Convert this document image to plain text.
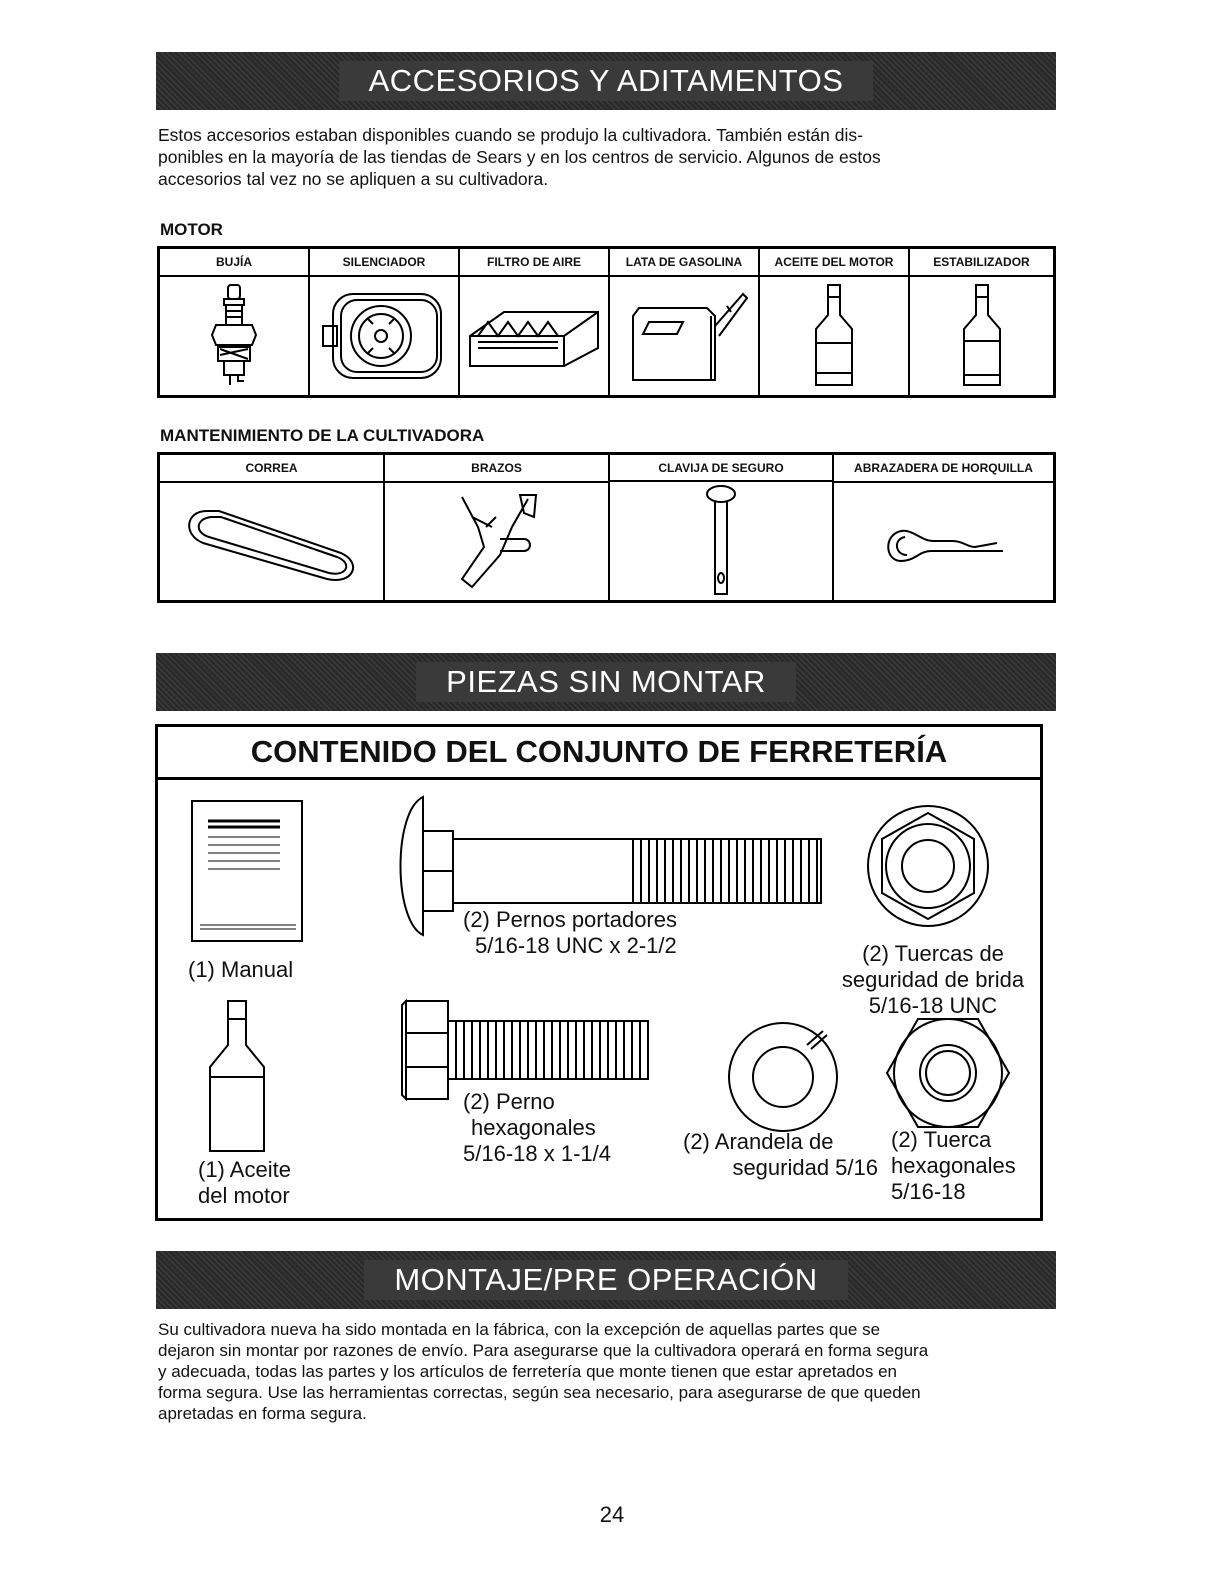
ACCESORIOS Y ADITAMENTOS
Estos accesorios estaban disponibles cuando se produjo la cultivadora. También están dis-
ponibles en la mayoría de las tiendas de Sears y en los centros de servicio. Algunos de estos
accesorios tal vez no se apliquen a su cultivadora.

MOTOR

BUJÍA	SILENCIADOR	FILTRO DE AIRE	LATA DE GASOLINA	ACEITE DEL MOTOR	ESTABILIZADOR

MANTENIMIENTO DE LA CULTIVADORA

CORREA	BRAZOS	CLAVIJA DE SEGURO	ABRAZADERA DE HORQUILLA
PIEZAS SIN MONTAR
CONTENIDO DEL CONJUNTO DE FERRETERÍA
(1) Manual
(1) Aceite
del motor
(2) Pernos portadores
5/16-18 UNC x 2-1/2	(2) Tuercas de
seguridad de brida
5/16-18 UNC
(2) Perno
hexagonales
5/16-18 x 1-1/4	(2) Arandela de
seguridad 5/16
(2) Tuerca
hexagonales
5/16-18
MONTAJE/PRE OPERACIÓN
Su cultivadora nueva ha sido montada en la fábrica, con la excepción de aquellas partes que se
dejaron sin montar por razones de envío. Para asegurarse que la cultivadora operará en forma segura
y adecuada, todas las partes y los artículos de ferretería que monte tienen que estar apretados en
forma segura. Use las herramientas correctas, según sea necesario, para asegurarse de que queden
apretadas en forma segura.
24
